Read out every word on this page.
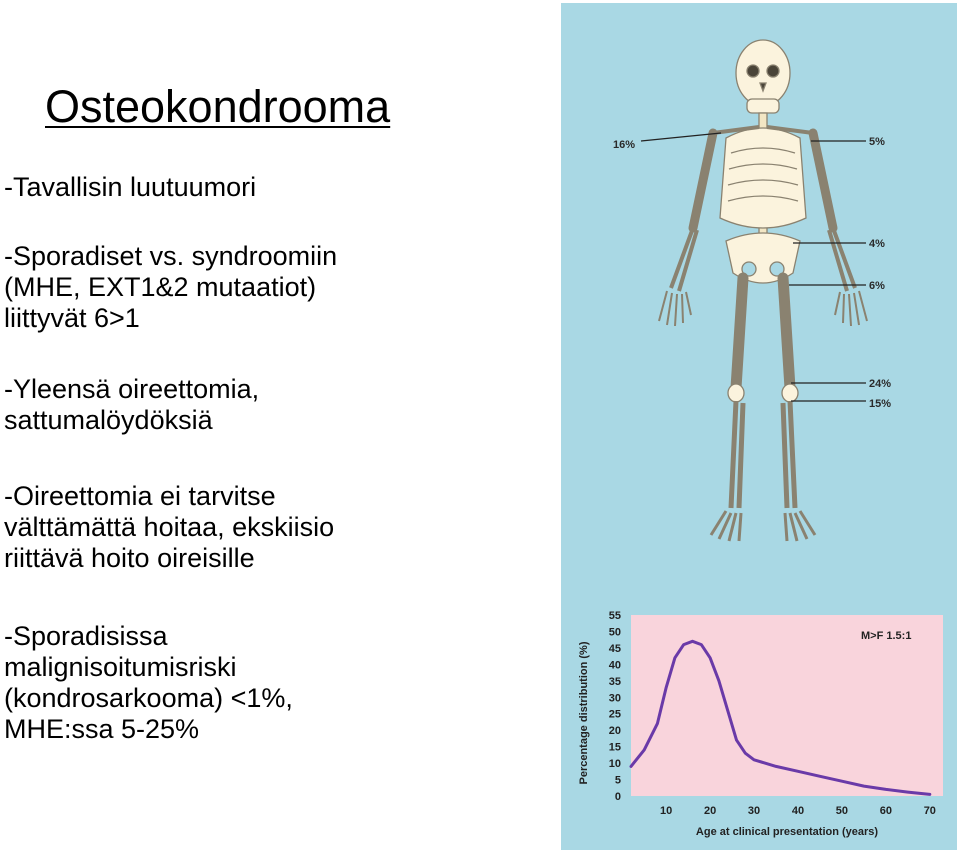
Osteokondrooma

-Tavallisin luutuumori

-Sporadiset vs. syndroomiin
(MHE, EXT1&2 mutaatiot)
liittyvät 6>1

-Yleensä oireettomia,
sattumalöydöksiä

-Oireettomia ei tarvitse
välttämättä hoitaa, ekskiisio
riittävä hoito oireisille

-Sporadisissa
malignisoitumisriski
(kondrosarkooma) <1%,
MHE:ssa 5-25%

16%	5%
4%
6%
24%
15%
0
5
10
15
20
25
30
35
40
45
50
55
10	20	30	40	50	60	70
M>F 1.5:1
Age at clinical presentation (years)
Percentage distribution (%)
